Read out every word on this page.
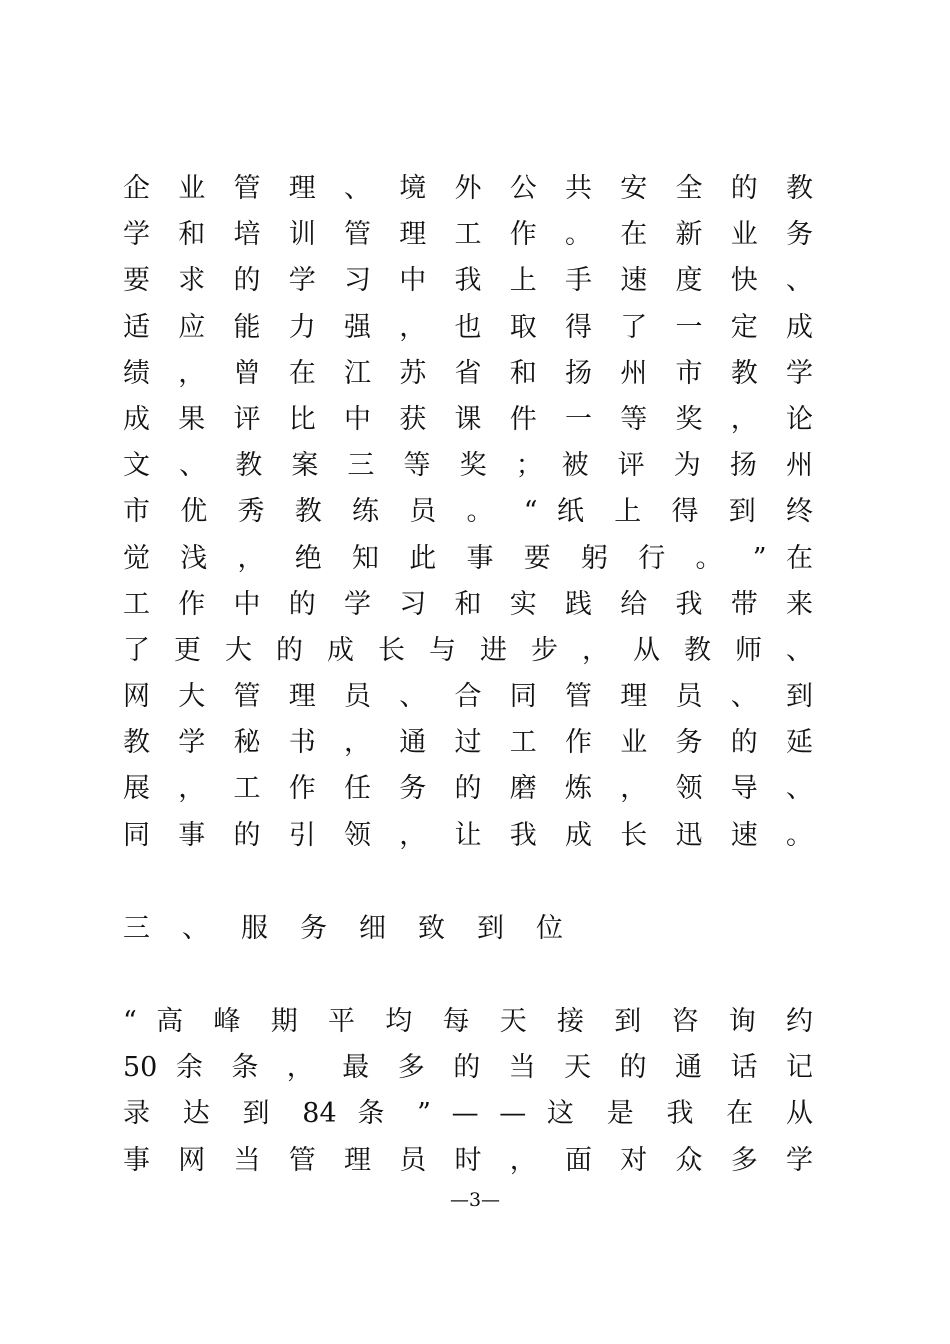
企 业 管 理 、 境 外 公 共 安 全 的 教
学 和 培 训 管 理 工 作 。 在 新 业 务
要 求 的 学 习 中 我 上 手 速 度 快 、
适 应 能 力 强 ， 也 取 得 了 一 定 成
绩 ， 曾 在 江 苏 省 和 扬 州 市 教 学
成 果 评 比 中 获 课 件 一 等 奖 ， 论
文 、 教 案 三 等 奖 ； 被 评 为 扬 州
市 优 秀 教 练 员 。 “ 纸 上 得 到 终
觉 浅 ， 绝 知 此 事 要 躬 行 。 ” 在
工 作 中 的 学 习 和 实 践 给 我 带 来
了 更 大 的 成 长 与 进 步 ， 从 教 师 、
网 大 管 理 员 、 合 同 管 理 员 、 到
教 学 秘 书 ， 通 过 工 作 业 务 的 延
展 ， 工 作 任 务 的 磨 炼 ， 领 导 、
同 事 的 引 领 ， 让 我 成 长 迅 速 。
三、服务细致到位
“ 高 峰 期 平 均 每 天 接 到 咨 询 约
50 余 条 ， 最 多 的 当 天 的 通 话 记
录 达 到 84 条 ” — — 这 是 我 在 从
事 网 当 管 理 员 时 ， 面 对 众 多 学
—3—
